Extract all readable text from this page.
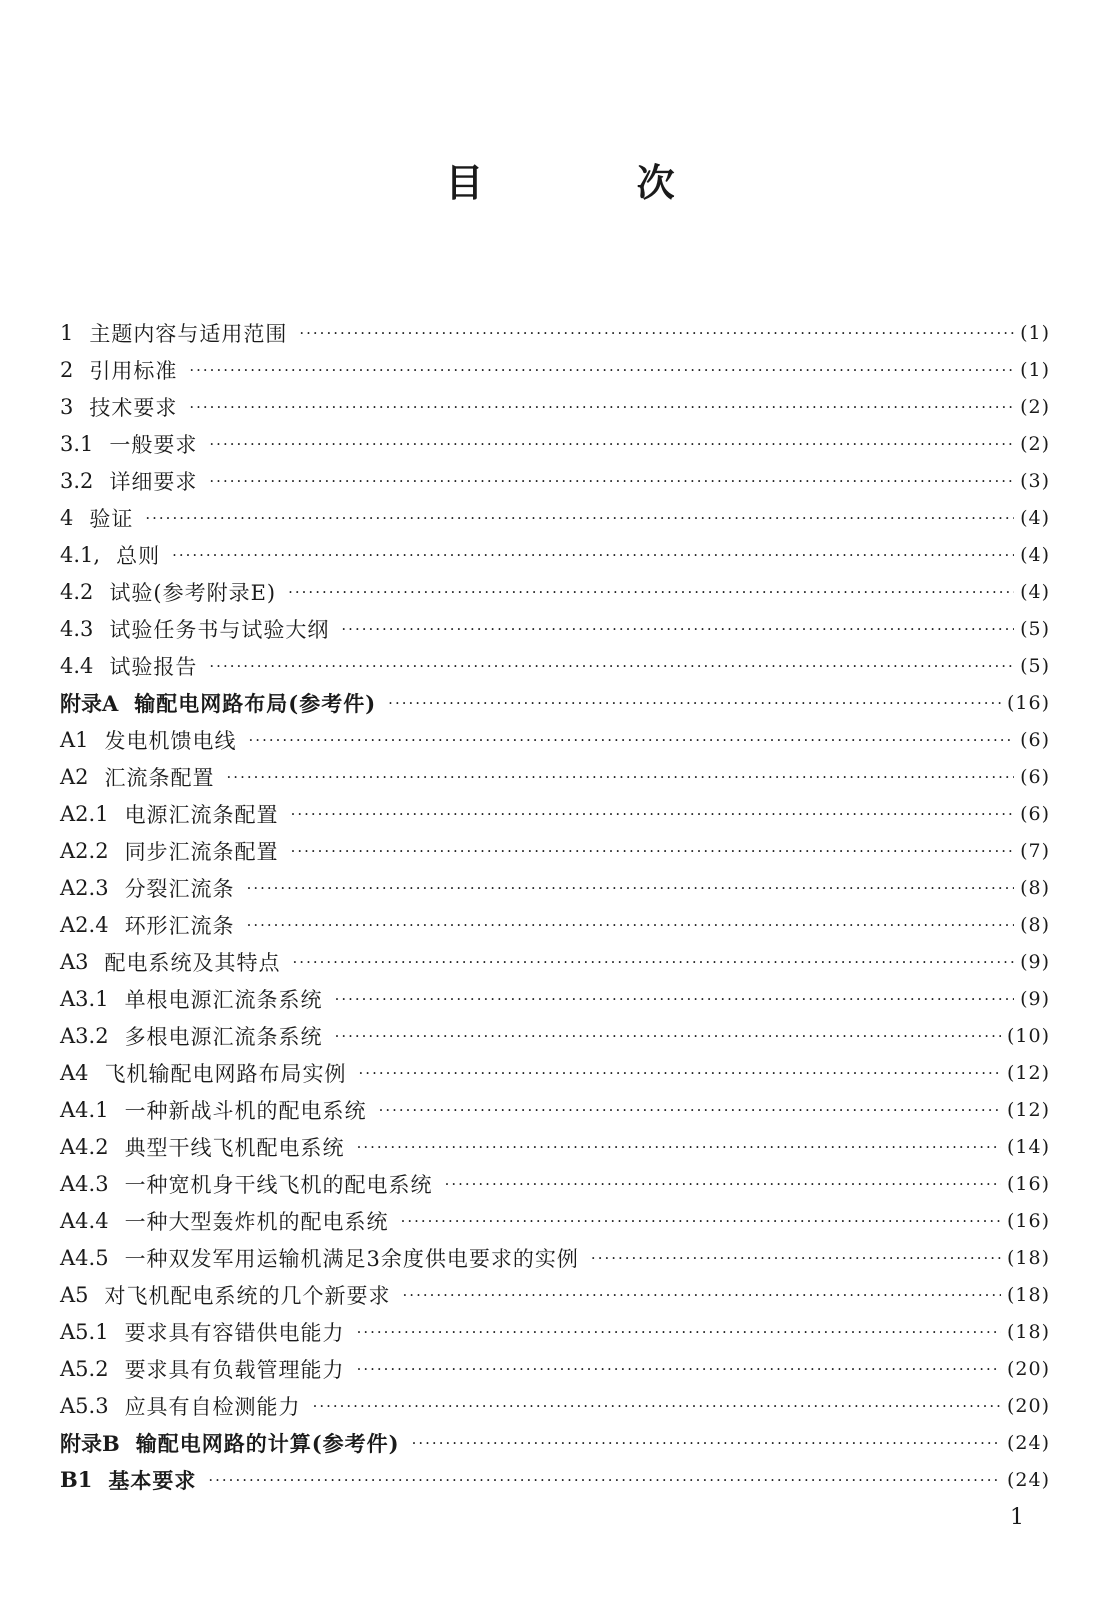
目 次
1 主题内容与适用范围 ·····	(1)
2 引用标准 ·····	(1)
3 技术要求 ·····	(2)
3.1 一般要求 ·····	(2)
3.2 详细要求 ·····	(3)
4 验证 ·····	(4)
4.1, 总则 ·····	(4)
4.2 试验(参考附录E) ·····	(4)
4.3 试验任务书与试验大纲 ·····	(5)
4.4 试验报告 ·····	(5)
附录A 输配电网路布局(参考件) ·····	(16)
A1 发电机馈电线 ·····	(6)
A2 汇流条配置 ·····	(6)
A2.1 电源汇流条配置 ·····	(6)
A2.2 同步汇流条配置 ·····	(7)
A2.3 分裂汇流条 ·····	(8)
A2.4 环形汇流条 ·····	(8)
A3 配电系统及其特点 ·····	(9)
A3.1 单根电源汇流条系统 ·····	(9)
A3.2 多根电源汇流条系统 ·····	(10)
A4 飞机输配电网路布局实例 ·····	(12)
A4.1 一种新战斗机的配电系统 ·····	(12)
A4.2 典型干线飞机配电系统 ·····	(14)
A4.3 一种宽机身干线飞机的配电系统 ·····	(16)
A4.4 一种大型轰炸机的配电系统 ·····	(16)
A4.5 一种双发军用运输机满足3余度供电要求的实例 ·····	(18)
A5 对飞机配电系统的几个新要求 ·····	(18)
A5.1 要求具有容错供电能力 ·····	(18)
A5.2 要求具有负载管理能力 ·····	(20)
A5.3 应具有自检测能力 ·····	(20)
附录B 输配电网路的计算(参考件) ·····	(24)
B1 基本要求 ·····	(24)
1
